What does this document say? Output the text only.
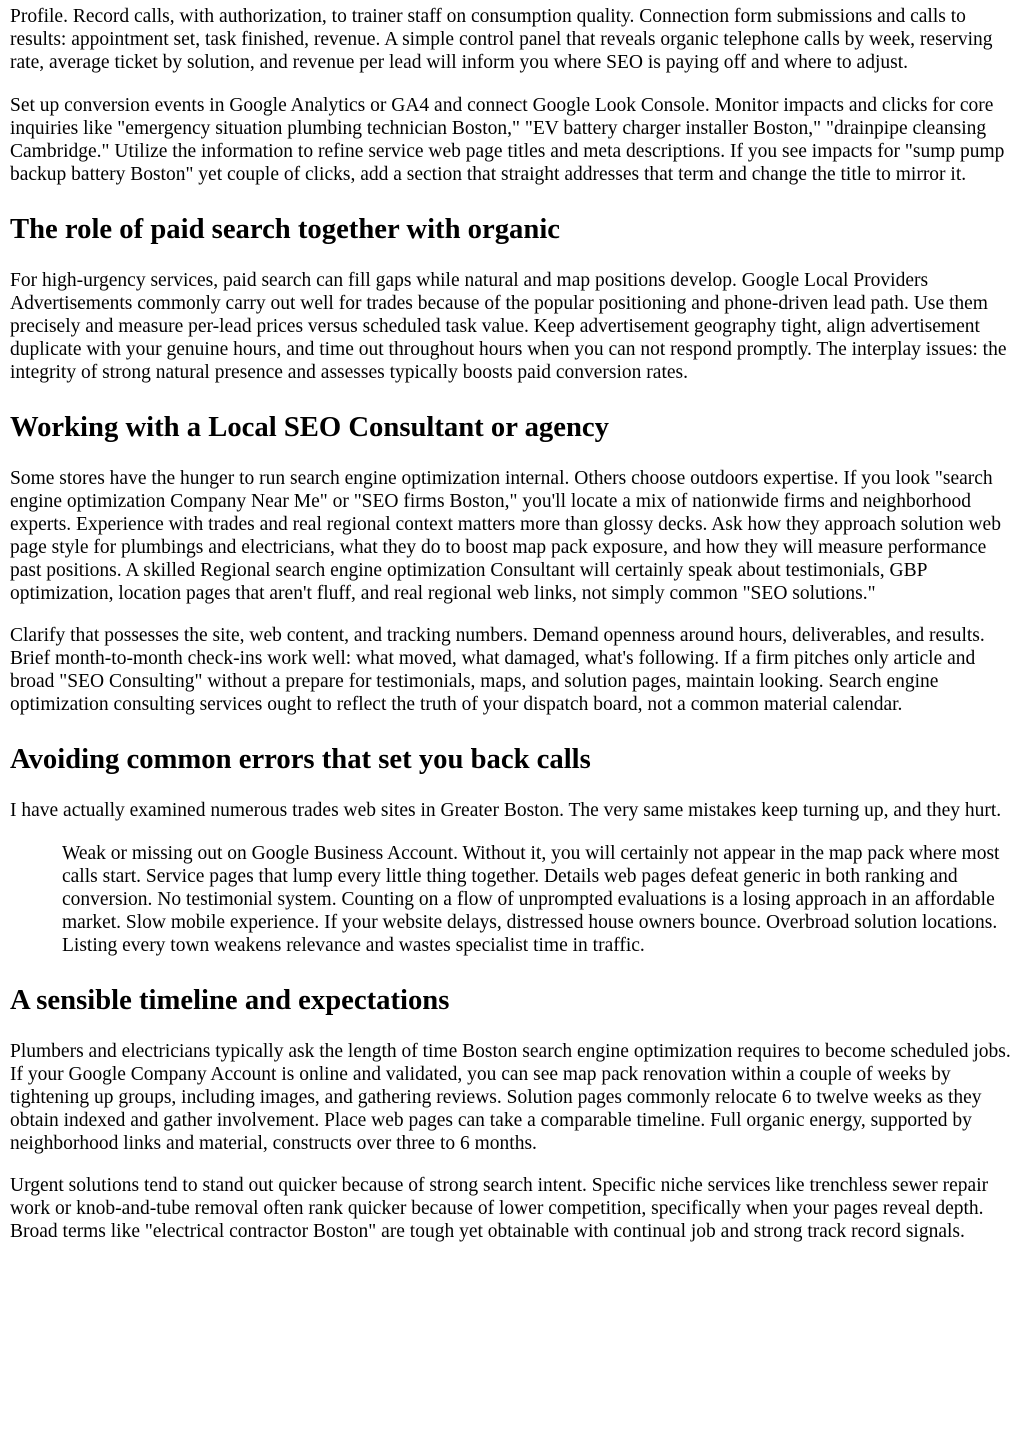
Profile. Record calls, with authorization, to trainer staff on consumption quality. Connection form submissions and calls to results: appointment set, task finished, revenue. A simple control panel that reveals organic telephone calls by week, reserving rate, average ticket by solution, and revenue per lead will inform you where SEO is paying off and where to adjust.

Set up conversion events in Google Analytics or GA4 and connect Google Look Console. Monitor impacts and clicks for core inquiries like "emergency situation plumbing technician Boston," "EV battery charger installer Boston," "drainpipe cleansing Cambridge." Utilize the information to refine service web page titles and meta descriptions. If you see impacts for "sump pump backup battery Boston" yet couple of clicks, add a section that straight addresses that term and change the title to mirror it.

The role of paid search together with organic

For high-urgency services, paid search can fill gaps while natural and map positions develop. Google Local Providers Advertisements commonly carry out well for trades because of the popular positioning and phone-driven lead path. Use them precisely and measure per-lead prices versus scheduled task value. Keep advertisement geography tight, align advertisement duplicate with your genuine hours, and time out throughout hours when you can not respond promptly. The interplay issues: the integrity of strong natural presence and assesses typically boosts paid conversion rates.

Working with a Local SEO Consultant or agency

Some stores have the hunger to run search engine optimization internal. Others choose outdoors expertise. If you look "search engine optimization Company Near Me" or "SEO firms Boston," you'll locate a mix of nationwide firms and neighborhood experts. Experience with trades and real regional context matters more than glossy decks. Ask how they approach solution web page style for plumbings and electricians, what they do to boost map pack exposure, and how they will measure performance past positions. A skilled Regional search engine optimization Consultant will certainly speak about testimonials, GBP optimization, location pages that aren't fluff, and real regional web links, not simply common "SEO solutions."

Clarify that possesses the site, web content, and tracking numbers. Demand openness around hours, deliverables, and results. Brief month-to-month check-ins work well: what moved, what damaged, what's following. If a firm pitches only article and broad "SEO Consulting" without a prepare for testimonials, maps, and solution pages, maintain looking. Search engine optimization consulting services ought to reflect the truth of your dispatch board, not a common material calendar.

Avoiding common errors that set you back calls

I have actually examined numerous trades web sites in Greater Boston. The very same mistakes keep turning up, and they hurt.

Weak or missing out on Google Business Account. Without it, you will certainly not appear in the map pack where most calls start. Service pages that lump every little thing together. Details web pages defeat generic in both ranking and conversion. No testimonial system. Counting on a flow of unprompted evaluations is a losing approach in an affordable market. Slow mobile experience. If your website delays, distressed house owners bounce. Overbroad solution locations. Listing every town weakens relevance and wastes specialist time in traffic.
A sensible timeline and expectations

Plumbers and electricians typically ask the length of time Boston search engine optimization requires to become scheduled jobs. If your Google Company Account is online and validated, you can see map pack renovation within a couple of weeks by tightening up groups, including images, and gathering reviews. Solution pages commonly relocate 6 to twelve weeks as they obtain indexed and gather involvement. Place web pages can take a comparable timeline. Full organic energy, supported by neighborhood links and material, constructs over three to 6 months.

Urgent solutions tend to stand out quicker because of strong search intent. Specific niche services like trenchless sewer repair work or knob-and-tube removal often rank quicker because of lower competition, specifically when your pages reveal depth. Broad terms like "electrical contractor Boston" are tough yet obtainable with continual job and strong track record signals.
